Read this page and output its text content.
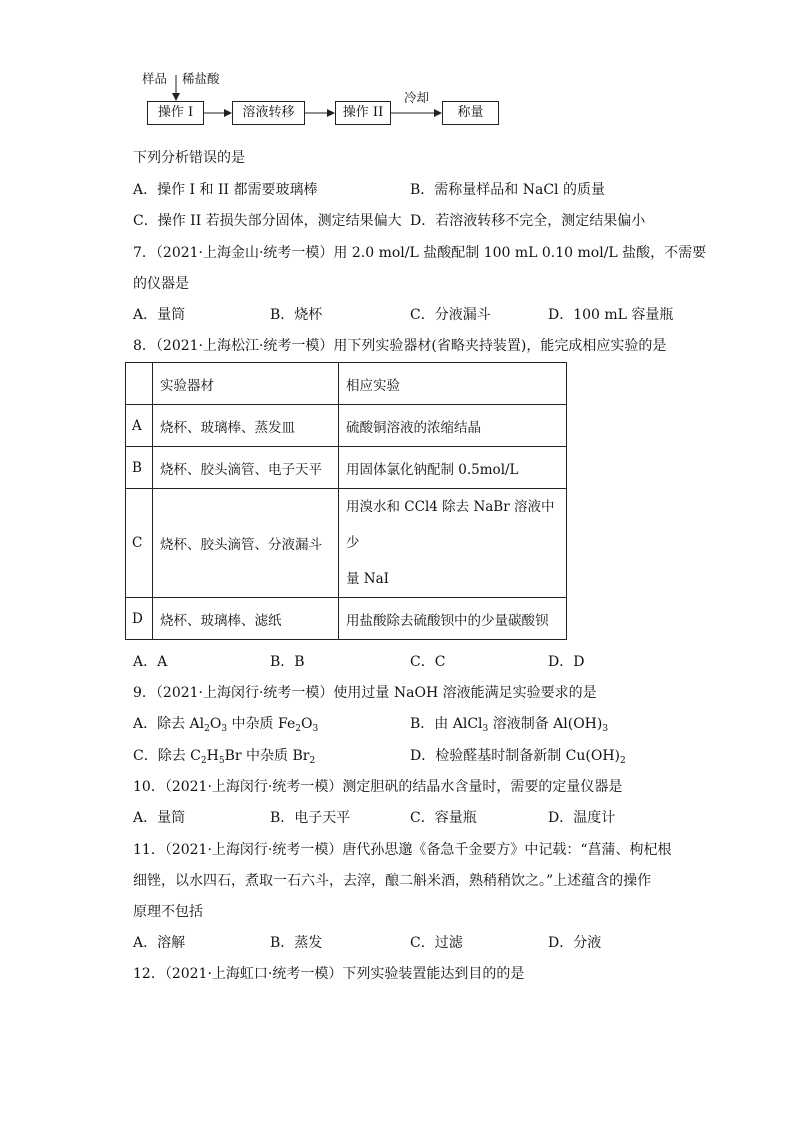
样品 稀盐酸
操作 I	溶液转移	操作 II
冷却
称量
下列分析错误的是
A．操作 I 和 II 都需要玻璃棒	B．需称量样品和 NaCl 的质量
C．操作 II 若损失部分固体，测定结果偏大 D．若溶液转移不完全，测定结果偏小
7．（2021·上海金山·统考一模）用 2.0 mol/L 盐酸配制 100 mL 0.10 mol/L 盐酸，不需要
的仪器是
A．量筒	B．烧杯	C．分液漏斗	D．100 mL 容量瓶
8．（2021·上海松江·统考一模）用下列实验器材(省略夹持装置)，能完成相应实验的是
	实验器材	相应实验
A	烧杯、玻璃棒、蒸发皿	硫酸铜溶液的浓缩结晶
B	烧杯、胶头滴管、电子天平	用固体氯化钠配制 0.5mol/L
C	烧杯、胶头滴管、分液漏斗	用溴水和 CCl4 除去 NaBr 溶液中少
量 NaI

D	烧杯、玻璃棒、滤纸	用盐酸除去硫酸钡中的少量碳酸钡
A．A	B．B	C．C	D．D
9．（2021·上海闵行·统考一模）使用过量 NaOH 溶液能满足实验要求的是
A．除去 $Al_2O_3$ 中杂质 $Fe_2O_3$	B．由 AlCl$_3$ 溶液制备 $Al(OH)_3$
C．除去 $C_2H_5Br$ 中杂质 $Br_2$	D．检验醛基时制备新制 $Cu(OH)_2$
10．（2021·上海闵行·统考一模）测定胆矾的结晶水含量时，需要的定量仪器是
A．量筒	B．电子天平	C．容量瓶	D．温度计
11．（2021·上海闵行·统考一模）唐代孙思邈《备急千金要方》中记载：“菖蒲、枸杞根
细锉，以水四石，煮取一石六斗，去滓，酿二斛米酒，熟稍稍饮之。”上述蕴含的操作
原理不包括
A．溶解	B．蒸发	C．过滤	D．分液
12．（2021·上海虹口·统考一模）下列实验装置能达到目的的是
